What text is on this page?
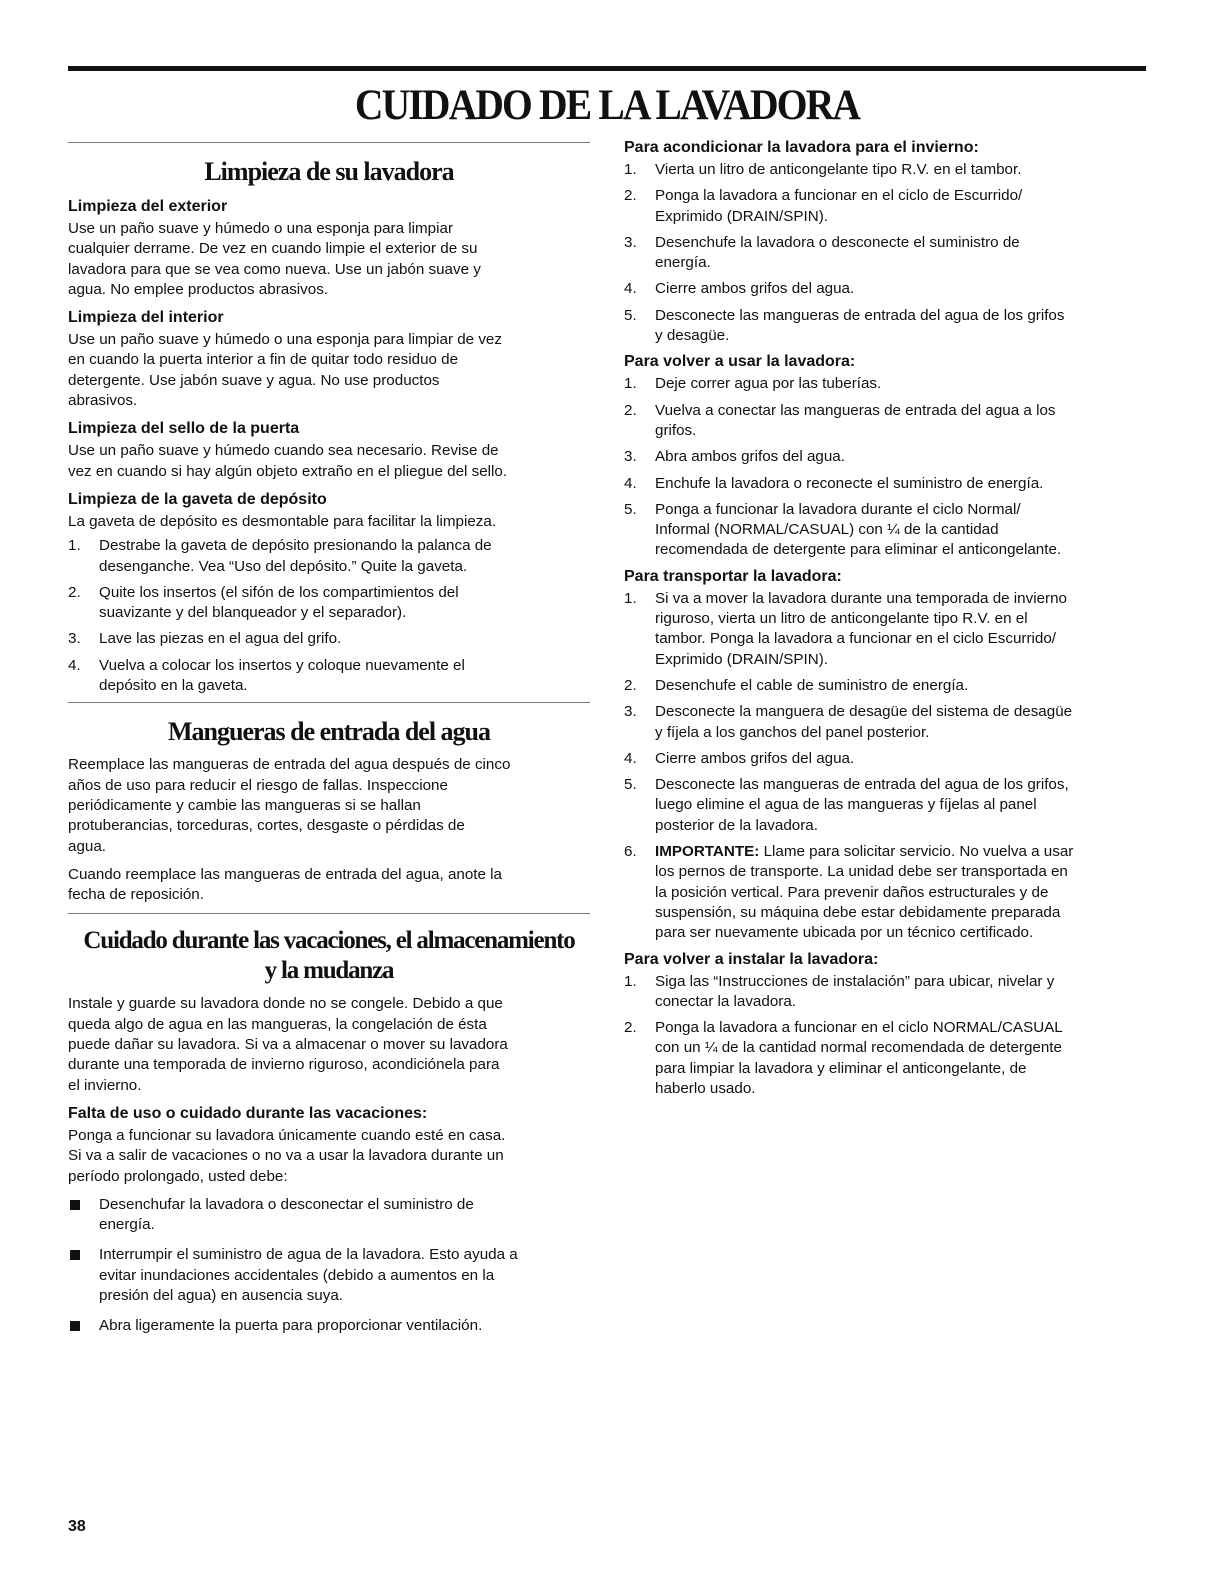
CUIDADO DE LA LAVADORA
Limpieza de su lavadora
Limpieza del exterior
Use un paño suave y húmedo o una esponja para limpiar
cualquier derrame. De vez en cuando limpie el exterior de su
lavadora para que se vea como nueva. Use un jabón suave y
agua. No emplee productos abrasivos.
Limpieza del interior
Use un paño suave y húmedo o una esponja para limpiar de vez
en cuando la puerta interior a fin de quitar todo residuo de
detergente. Use jabón suave y agua. No use productos
abrasivos.
Limpieza del sello de la puerta
Use un paño suave y húmedo cuando sea necesario. Revise de
vez en cuando si hay algún objeto extraño en el pliegue del sello.
Limpieza de la gaveta de depósito
La gaveta de depósito es desmontable para facilitar la limpieza.
1.	Destrabe la gaveta de depósito presionando la palanca de
desenganche. Vea “Uso del depósito.” Quite la gaveta.
2.	Quite los insertos (el sifón de los compartimientos del
suavizante y del blanqueador y el separador).
3.	Lave las piezas en el agua del grifo.
4.	Vuelva a colocar los insertos y coloque nuevamente el
depósito en la gaveta.
Mangueras de entrada del agua
Reemplace las mangueras de entrada del agua después de cinco
años de uso para reducir el riesgo de fallas. Inspeccione
periódicamente y cambie las mangueras si se hallan
protuberancias, torceduras, cortes, desgaste o pérdidas de
agua.
Cuando reemplace las mangueras de entrada del agua, anote la
fecha de reposición.
Cuidado durante las vacaciones, el almacenamiento
y la mudanza
Instale y guarde su lavadora donde no se congele. Debido a que
queda algo de agua en las mangueras, la congelación de ésta
puede dañar su lavadora. Si va a almacenar o mover su lavadora
durante una temporada de invierno riguroso, acondiciónela para
el invierno.
Falta de uso o cuidado durante las vacaciones:
Ponga a funcionar su lavadora únicamente cuando esté en casa.
Si va a salir de vacaciones o no va a usar la lavadora durante un
período prolongado, usted debe:
Desenchufar la lavadora o desconectar el suministro de
energía.
Interrumpir el suministro de agua de la lavadora. Esto ayuda a
evitar inundaciones accidentales (debido a aumentos en la
presión del agua) en ausencia suya.
Abra ligeramente la puerta para proporcionar ventilación.
Para acondicionar la lavadora para el invierno:
1.	Vierta un litro de anticongelante tipo R.V. en el tambor.
2.	Ponga la lavadora a funcionar en el ciclo de Escurrido/
Exprimido (DRAIN/SPIN).
3.	Desenchufe la lavadora o desconecte el suministro de
energía.
4.	Cierre ambos grifos del agua.
5.	Desconecte las mangueras de entrada del agua de los grifos
y desagüe.
Para volver a usar la lavadora:
1.	Deje correr agua por las tuberías.
2.	Vuelva a conectar las mangueras de entrada del agua a los
grifos.
3.	Abra ambos grifos del agua.
4.	Enchufe la lavadora o reconecte el suministro de energía.
5.	Ponga a funcionar la lavadora durante el ciclo Normal/
Informal (NORMAL/CASUAL) con ¼ de la cantidad
recomendada de detergente para eliminar el anticongelante.
Para transportar la lavadora:
1.	Si va a mover la lavadora durante una temporada de invierno
riguroso, vierta un litro de anticongelante tipo R.V. en el
tambor. Ponga la lavadora a funcionar en el ciclo Escurrido/
Exprimido (DRAIN/SPIN).
2.	Desenchufe el cable de suministro de energía.
3.	Desconecte la manguera de desagüe del sistema de desagüe
y fíjela a los ganchos del panel posterior.
4.	Cierre ambos grifos del agua.
5.	Desconecte las mangueras de entrada del agua de los grifos,
luego elimine el agua de las mangueras y fíjelas al panel
posterior de la lavadora.
6.	IMPORTANTE: Llame para solicitar servicio. No vuelva a usar
los pernos de transporte. La unidad debe ser transportada en
la posición vertical. Para prevenir daños estructurales y de
suspensión, su máquina debe estar debidamente preparada
para ser nuevamente ubicada por un técnico certificado.
Para volver a instalar la lavadora:
1.	Siga las “Instrucciones de instalación” para ubicar, nivelar y
conectar la lavadora.
2.	Ponga la lavadora a funcionar en el ciclo NORMAL/CASUAL
con un ¼ de la cantidad normal recomendada de detergente
para limpiar la lavadora y eliminar el anticongelante, de
haberlo usado.
38
